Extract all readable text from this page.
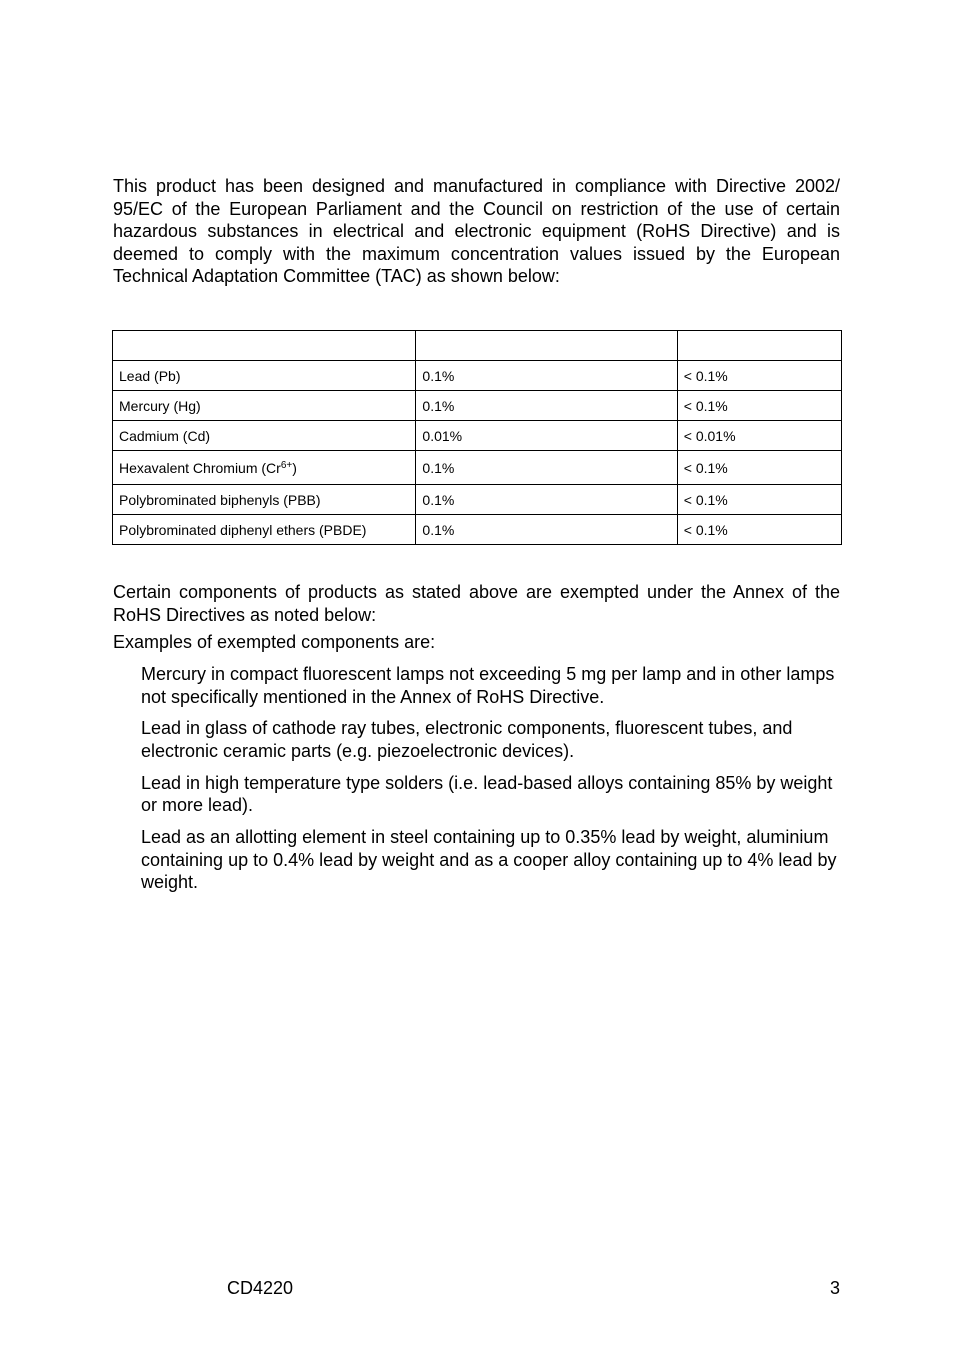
This product has been designed and manufactured in compliance with Directive 2002/ 95/EC of the European Parliament and the Council on restriction of the use of certain hazardous substances in electrical and electronic equipment (RoHS Directive) and is deemed to comply with the maximum concentration values issued by the European Technical Adaptation Committee (TAC) as shown below:

Lead (Pb)	0.1%	< 0.1%
Mercury (Hg)	0.1%	< 0.1%
Cadmium (Cd)	0.01%	< 0.01%
Hexavalent Chromium $(Cr^{6+})$	0.1%	< 0.1%
Polybrominated biphenyls (PBB)	0.1%	< 0.1%
Polybrominated diphenyl ethers (PBDE)	0.1%	< 0.1%

Certain components of products as stated above are exempted under the Annex of the RoHS Directives as noted below:

Examples of exempted components are:

Mercury in compact fluorescent lamps not exceeding 5 mg per lamp and in other lamps not specifically mentioned in the Annex of RoHS Directive.
Lead in glass of cathode ray tubes, electronic components, fluorescent tubes, and electronic ceramic parts (e.g. piezoelectronic devices).
Lead in high temperature type solders (i.e. lead-based alloys containing 85% by weight or more lead).
Lead as an allotting element in steel containing up to 0.35% lead by weight, aluminium containing up to 0.4% lead by weight and as a cooper alloy containing up to 4% lead by weight.
CD4220	3
